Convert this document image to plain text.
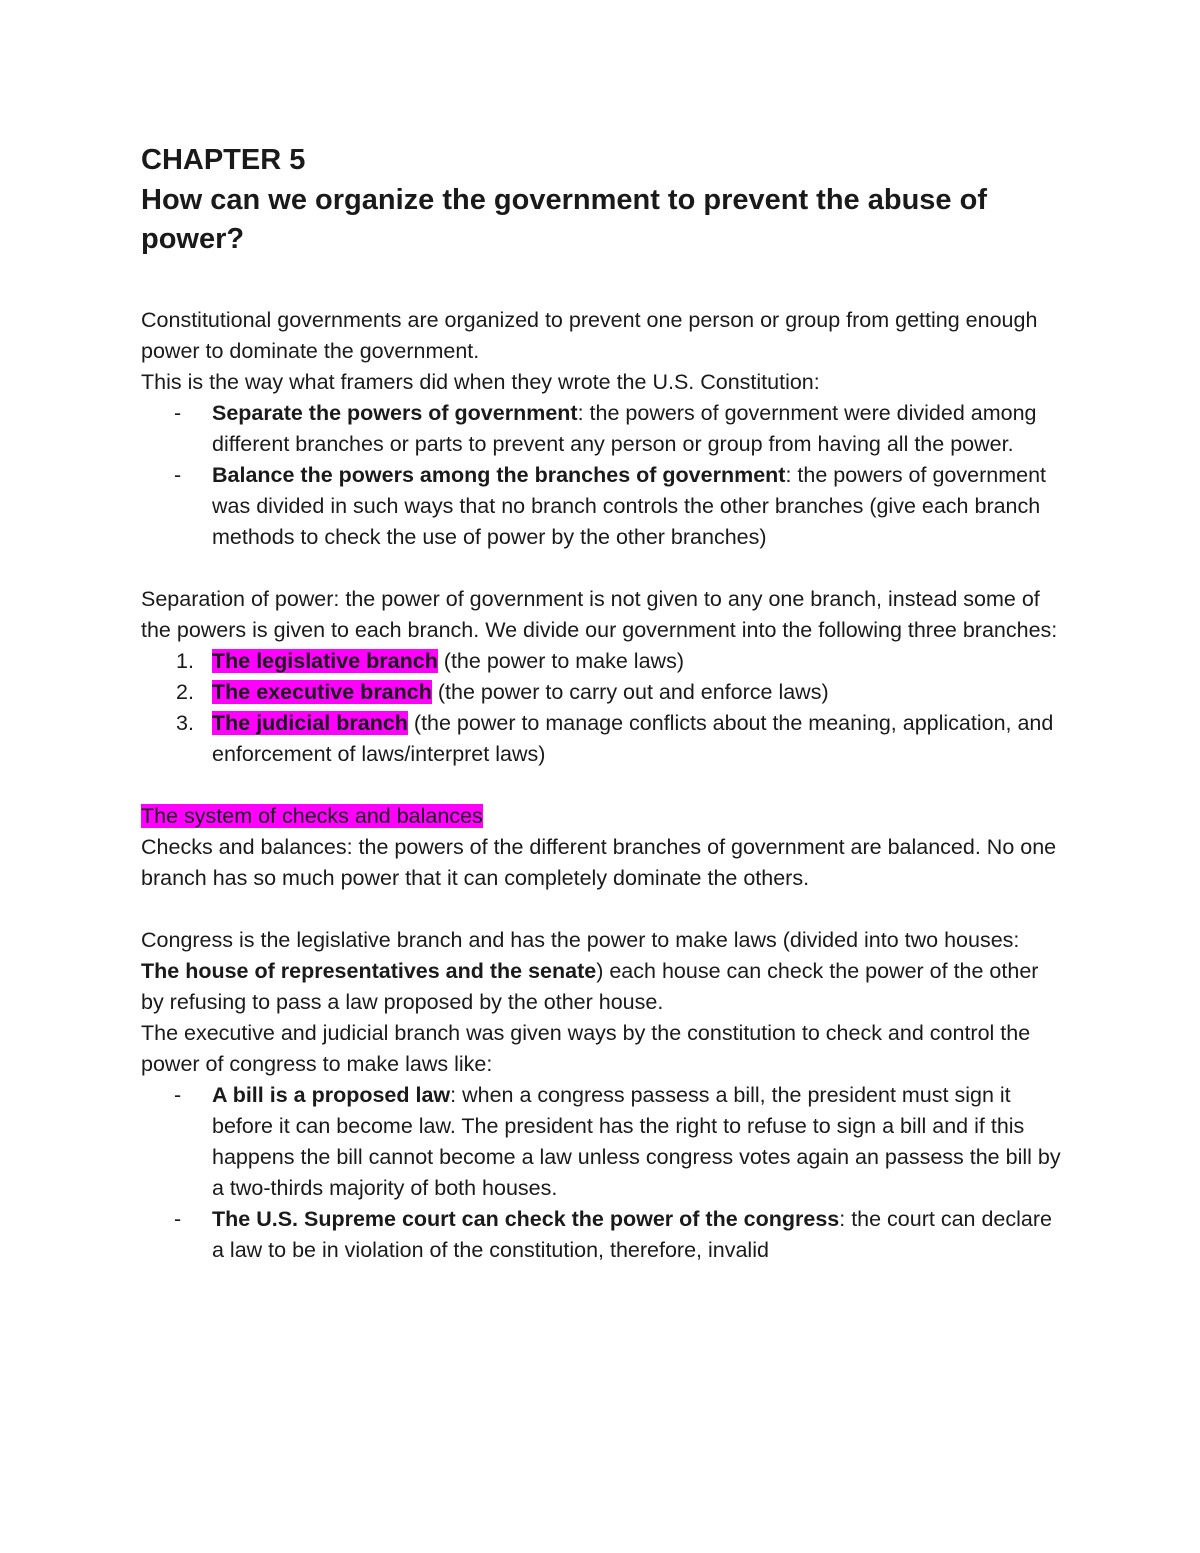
CHAPTER 5
How can we organize the government to prevent the abuse of power?

Constitutional governments are organized to prevent one person or group from getting enough power to dominate the government.

This is the way what framers did when they wrote the U.S. Constitution:

- Separate the powers of government: the powers of government were divided among different branches or parts to prevent any person or group from having all the power.
- Balance the powers among the branches of government: the powers of government was divided in such ways that no branch controls the other branches (give each branch methods to check the use of power by the other branches)

Separation of power: the power of government is not given to any one branch, instead some of the powers is given to each branch. We divide our government into the following three branches:

1. The legislative branch (the power to make laws)
2. The executive branch (the power to carry out and enforce laws)
3. The judicial branch (the power to manage conflicts about the meaning, application, and enforcement of laws/interpret laws)

The system of checks and balances

Checks and balances: the powers of the different branches of government are balanced. No one branch has so much power that it can completely dominate the others.

Congress is the legislative branch and has the power to make laws (divided into two houses: The house of representatives and the senate) each house can check the power of the other by refusing to pass a law proposed by the other house.

The executive and judicial branch was given ways by the constitution to check and control the power of congress to make laws like:

- A bill is a proposed law: when a congress passess a bill, the president must sign it before it can become law. The president has the right to refuse to sign a bill and if this happens the bill cannot become a law unless congress votes again an passess the bill by a two-thirds majority of both houses.
- The U.S. Supreme court can check the power of the congress: the court can declare a law to be in violation of the constitution, therefore, invalid
